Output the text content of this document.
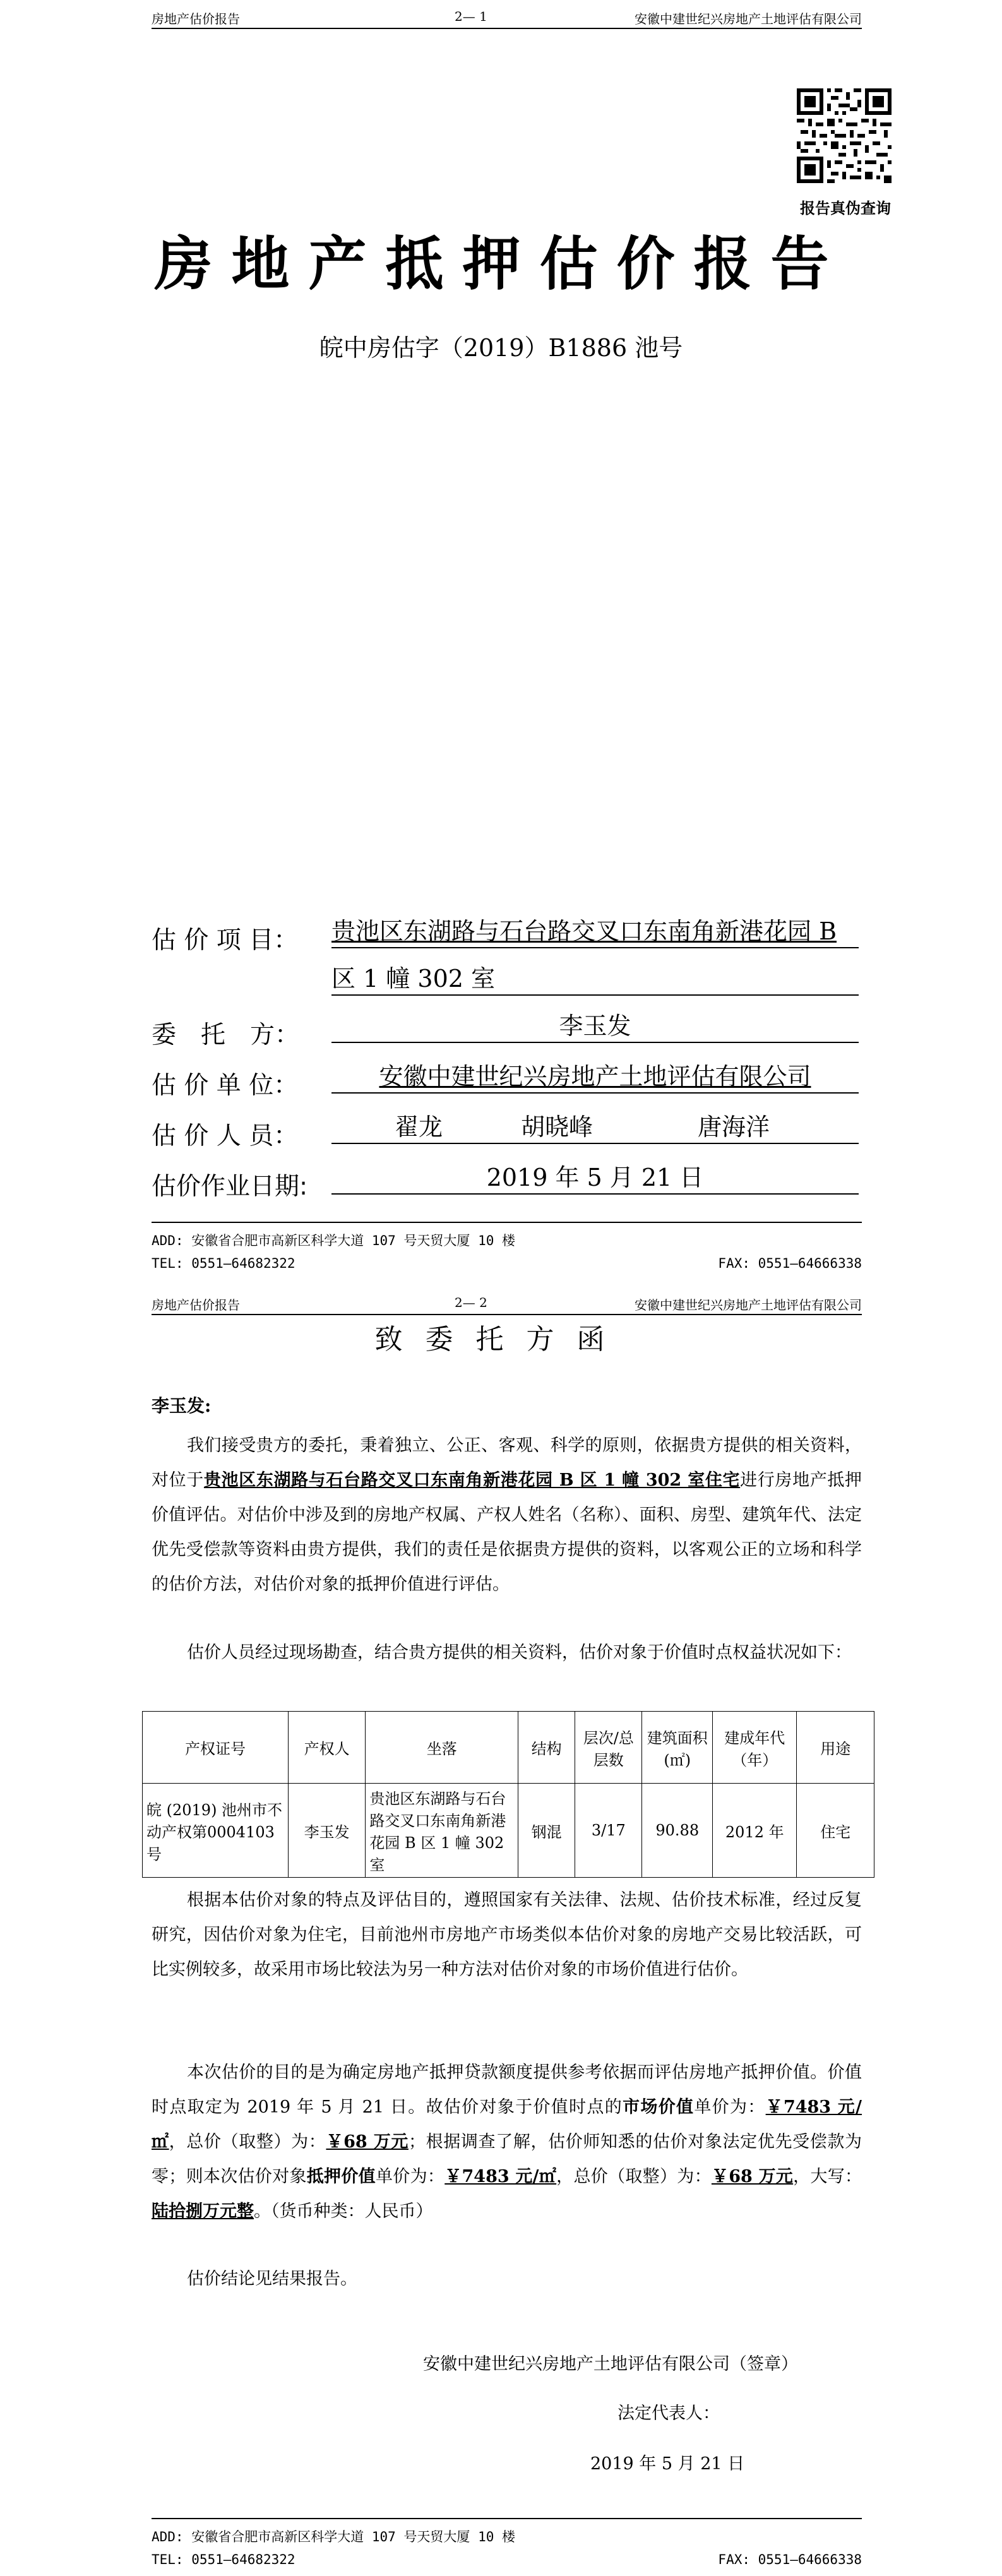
房地产估价报告	2— 1	安徽中建世纪兴房地产土地评估有限公司
报告真伪查询
房地产抵押估价报告
皖中房估字（2019）B1886 池号
估 价 项 目： 贵池区东湖路与石台路交叉口东南角新港花园 B
区 1 幢 302 室
委　托　方：	李玉发
估 价 单 位：	安徽中建世纪兴房地产土地评估有限公司
估 价 人 员：	翟龙	胡晓峰	唐海洋
估价作业日期:	2019 年 5 月 21 日
ADD: 安徽省合肥市高新区科学大道 107 号天贸大厦 10 楼
TEL: 0551—64682322	FAX: 0551—64666338
房地产估价报告	2— 2	安徽中建世纪兴房地产土地评估有限公司
致委托方函
李玉发:

我们接受贵方的委托，秉着独立、公正、客观、科学的原则，依据贵方提供的相关资料，对位于贵池区东湖路与石台路交叉口东南角新港花园 B 区 1 幢 302 室住宅进行房地产抵押价值评估。对估价中涉及到的房地产权属、产权人姓名（名称）、面积、房型、建筑年代、法定优先受偿款等资料由贵方提供，我们的责任是依据贵方提供的资料，以客观公正的立场和科学的估价方法，对估价对象的抵押价值进行评估。

估价人员经过现场勘查，结合贵方提供的相关资料，估价对象于价值时点权益状况如下：

产权证号	产权人	坐落	结构	层次/总层数	建筑面积(㎡)	建成年代（年）	用途
皖 (2019) 池州市不动产权第0004103 号	李玉发	贵池区东湖路与石台路交叉口东南角新港花园 B 区 1 幢 302 室	钢混	3/17	90.88	2012 年	住宅

根据本估价对象的特点及评估目的，遵照国家有关法律、法规、估价技术标准，经过反复研究，因估价对象为住宅，目前池州市房地产市场类似本估价对象的房地产交易比较活跃，可比实例较多，故采用市场比较法为另一种方法对估价对象的市场价值进行估价。

本次估价的目的是为确定房地产抵押贷款额度提供参考依据而评估房地产抵押价值。价值时点取定为 2019 年 5 月 21 日。故估价对象于价值时点的市场价值单价为：￥7483 元/㎡，总价（取整）为：￥68 万元；根据调查了解，估价师知悉的估价对象法定优先受偿款为零；则本次估价对象抵押价值单价为：￥7483 元/㎡，总价（取整）为：￥68 万元，大写：陆拾捌万元整。（货币种类：人民币）

估价结论见结果报告。

安徽中建世纪兴房地产土地评估有限公司（签章）
法定代表人：
2019 年 5 月 21 日
ADD: 安徽省合肥市高新区科学大道 107 号天贸大厦 10 楼
TEL: 0551—64682322	FAX: 0551—64666338
